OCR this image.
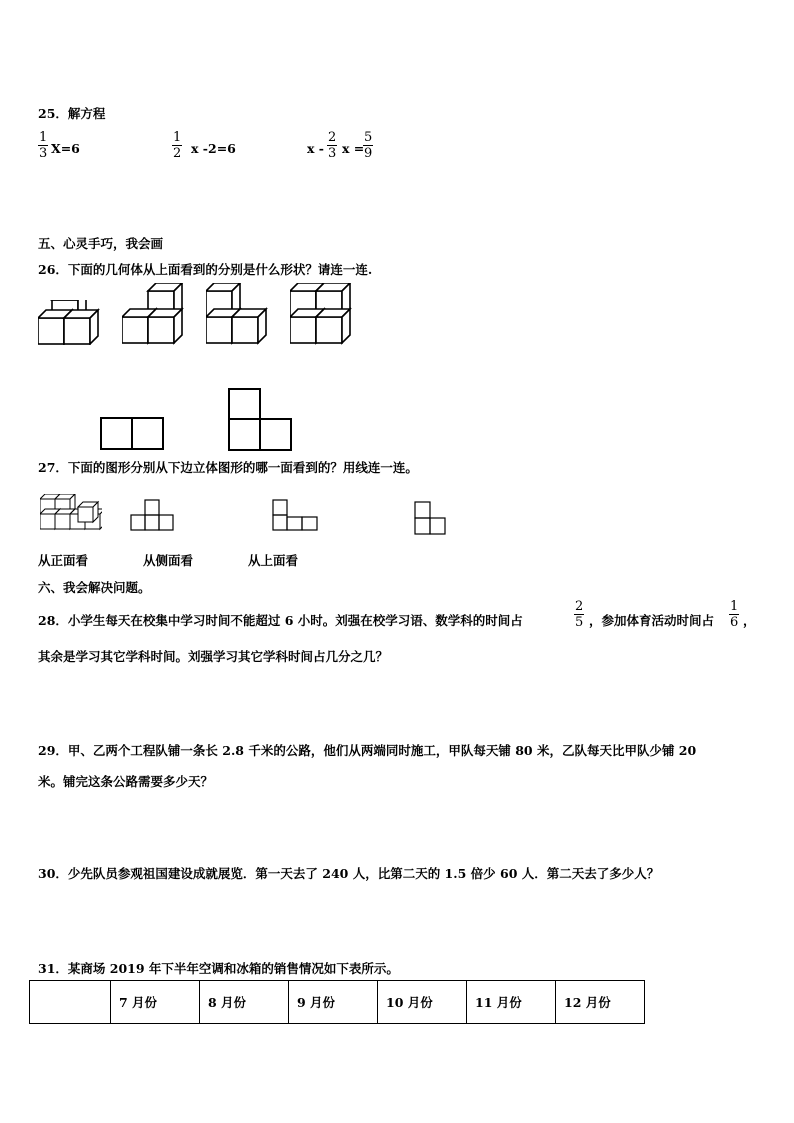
25．解方程
1
3 X=6
1
2 x -2=6	x -
2
3 x =
5
9
五、心灵手巧，我会画
26．下面的几何体从上面看到的分别是什么形状？请连一连.
27．下面的图形分别从下边立体图形的哪一面看到的？用线连一连。
从正面看	从侧面看	从上面看
六、我会解决问题。
28．小学生每天在校集中学习时间不能超过 6 小时。刘强在校学习语、数学科的时间占
2
5 ，参加体育活动时间占
1
6 ，
其余是学习其它学科时间。刘强学习其它学科时间占几分之几？
29．甲、乙两个工程队铺一条长 2.8 千米的公路，他们从两端同时施工，甲队每天铺 80 米，乙队每天比甲队少铺 20
米。铺完这条公路需要多少天？
30．少先队员参观祖国建设成就展览．第一天去了 240 人，比第二天的 1.5 倍少 60 人．第二天去了多少人？
31．某商场 2019 年下半年空调和冰箱的销售情况如下表所示。
	7 月份	8 月份	9 月份	10 月份	11 月份	12 月份
